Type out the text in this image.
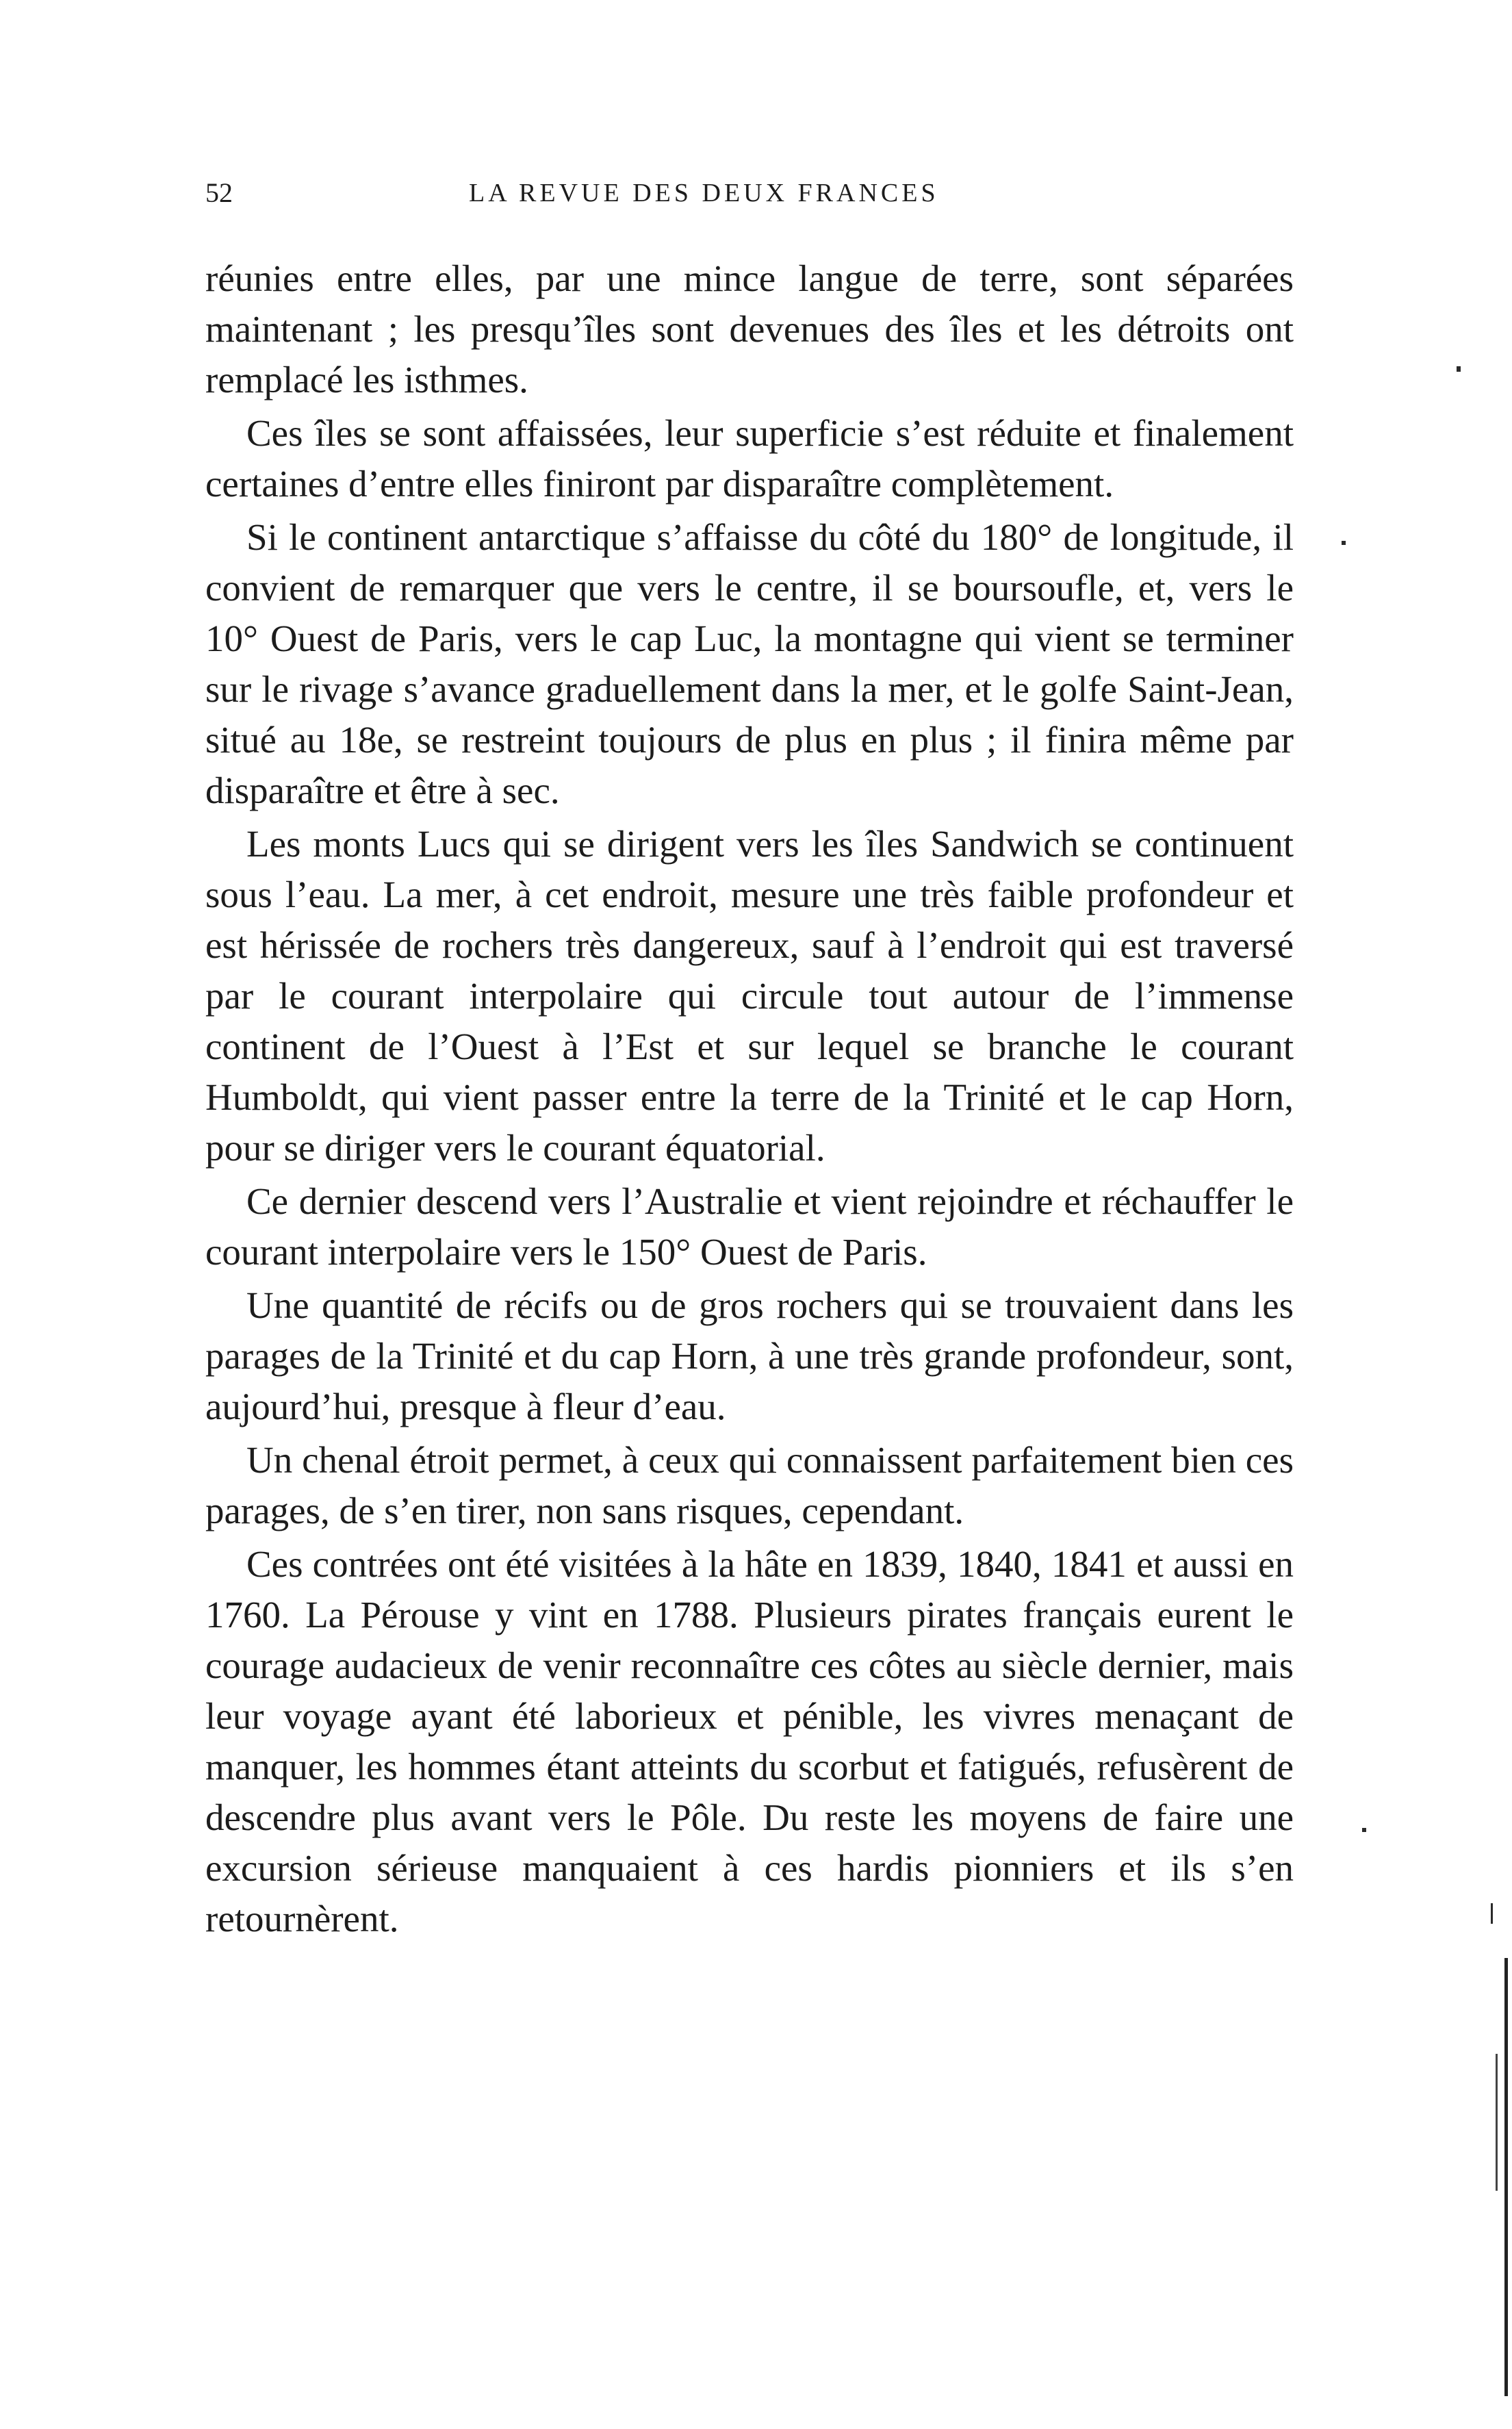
52	LA REVUE DES DEUX FRANCES

réunies entre elles, par une mince langue de terre, sont séparées maintenant ; les presqu’îles sont devenues des îles et les détroits ont remplacé les isthmes.

Ces îles se sont affaissées, leur superficie s’est réduite et finalement certaines d’entre elles finiront par disparaître complètement.

Si le continent antarctique s’affaisse du côté du 180° de longitude, il convient de remarquer que vers le centre, il se boursoufle, et, vers le 10° Ouest de Paris, vers le cap Luc, la montagne qui vient se terminer sur le rivage s’avance graduellement dans la mer, et le golfe Saint-Jean, situé au 18e, se restreint toujours de plus en plus ; il finira même par disparaître et être à sec.

Les monts Lucs qui se dirigent vers les îles Sandwich se continuent sous l’eau. La mer, à cet endroit, mesure une très faible profondeur et est hérissée de rochers très dangereux, sauf à l’endroit qui est traversé par le courant interpolaire qui circule tout autour de l’immense continent de l’Ouest à l’Est et sur lequel se branche le courant Humboldt, qui vient passer entre la terre de la Trinité et le cap Horn, pour se diriger vers le courant équatorial.

Ce dernier descend vers l’Australie et vient rejoindre et réchauffer le courant interpolaire vers le 150° Ouest de Paris.

Une quantité de récifs ou de gros rochers qui se trouvaient dans les parages de la Trinité et du cap Horn, à une très grande profondeur, sont, aujourd’hui, presque à fleur d’eau.

Un chenal étroit permet, à ceux qui connaissent parfaitement bien ces parages, de s’en tirer, non sans risques, cependant.

Ces contrées ont été visitées à la hâte en 1839, 1840, 1841 et aussi en 1760. La Pérouse y vint en 1788. Plusieurs pirates français eurent le courage audacieux de venir reconnaître ces côtes au siècle dernier, mais leur voyage ayant été laborieux et pénible, les vivres menaçant de manquer, les hommes étant atteints du scorbut et fatigués, refusèrent de descendre plus avant vers le Pôle. Du reste les moyens de faire une excursion sérieuse manquaient à ces hardis pionniers et ils s’en retournèrent.
